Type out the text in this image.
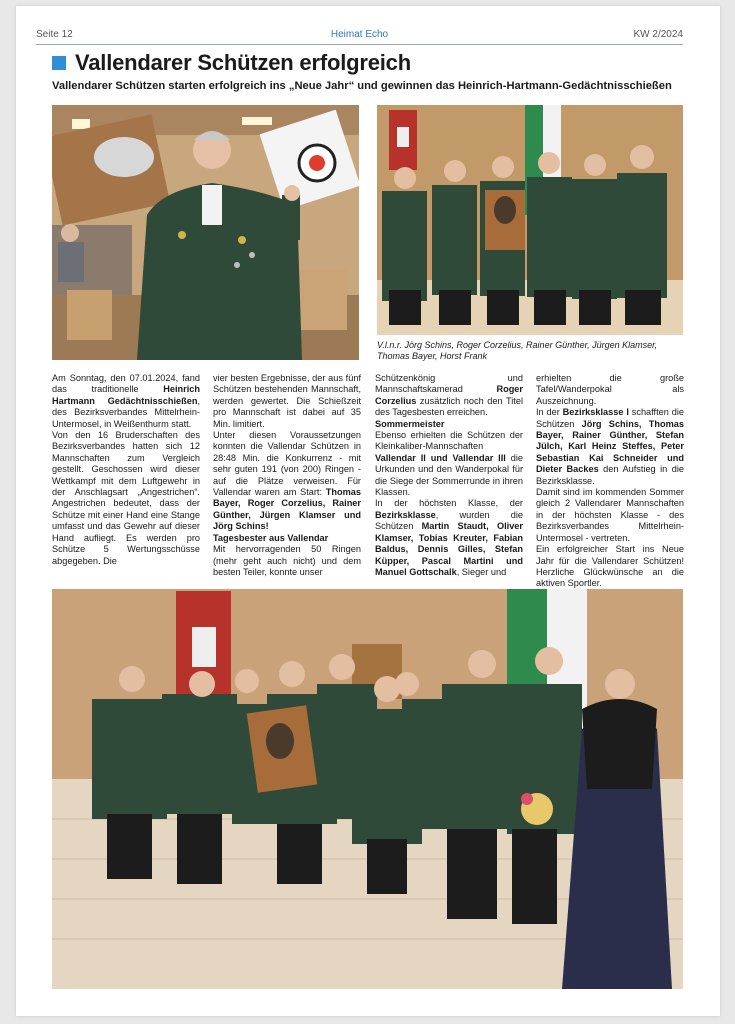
Seite 12	Heimat Echo	KW 2/2024
Vallendarer Schützen erfolgreich
Vallendarer Schützen starten erfolgreich ins „Neue Jahr“ und gewinnen das Heinrich-Hartmann-Gedächtnisschießen
V.l.n.r. Jörg Schins, Roger Corzelius, Rainer Günther, Jürgen Klamser, Thomas Bayer, Horst Frank

Am Sonntag, den 07.01.2024, fand das traditionelle Heinrich Hartmann Gedächtnisschießen, des Bezirksverbandes Mittelrhein-Untermosel, in Weißenthurm statt.

Von den 16 Bruderschaften des Bezirksverbandes hatten sich 12 Mannschaften zum Vergleich gestellt. Geschossen wird dieser Wettkampf mit dem Luftgewehr in der Anschlagsart „Angestrichen“. Angestrichen bedeutet, dass der Schütze mit einer Hand eine Stange umfasst und das Gewehr auf dieser Hand aufliegt. Es werden pro Schütze 5 Wertungsschüsse abgegeben. Die

vier besten Ergebnisse, der aus fünf Schützen bestehenden Mannschaft, werden gewertet. Die Schießzeit pro Mannschaft ist dabei auf 35 Min. limitiert.

Unter diesen Voraussetzungen konnten die Vallendar Schützen in 28:48 Min. die Konkurrenz - mit sehr guten 191 (von 200) Ringen - auf die Plätze verweisen. Für Vallendar waren am Start: Thomas Bayer, Roger Corzelius, Rainer Günther, Jürgen Klamser und Jörg Schins!

Tagesbester aus Vallendar

Mit hervorragenden 50 Ringen (mehr geht auch nicht) und dem besten Teiler, konnte unser

Schützenkönig und Mannschaftskamerad Roger Corzelius zusätzlich noch den Titel des Tagesbesten erreichen.

Sommermeister

Ebenso erhielten die Schützen der Kleinkaliber-Mannschaften Vallendar II und Vallendar III die Urkunden und den Wanderpokal für die Siege der Sommerrunde in ihren Klassen.

In der höchsten Klasse, der Bezirksklasse, wurden die Schützen Martin Staudt, Oliver Klamser, Tobias Kreuter, Fabian Baldus, Dennis Gilles, Stefan Küpper, Pascal Martini und Manuel Gottschalk, Sieger und

erhielten die große Tafel/Wanderpokal als Auszeichnung.

In der Bezirksklasse I schafften die Schützen Jörg Schins, Thomas Bayer, Rainer Günther, Stefan Jülch, Karl Heinz Steffes, Peter Sebastian Kai Schneider und Dieter Backes den Aufstieg in die Bezirksklasse.

Damit sind im kommenden Sommer gleich 2 Vallendarer Mannschaften in der höchsten Klasse - des Bezirksverbandes Mittelrhein-Untermosel - vertreten.

Ein erfolgreicher Start ins Neue Jahr für die Vallendarer Schützen! Herzliche Glückwünsche an die aktiven Sportler.
